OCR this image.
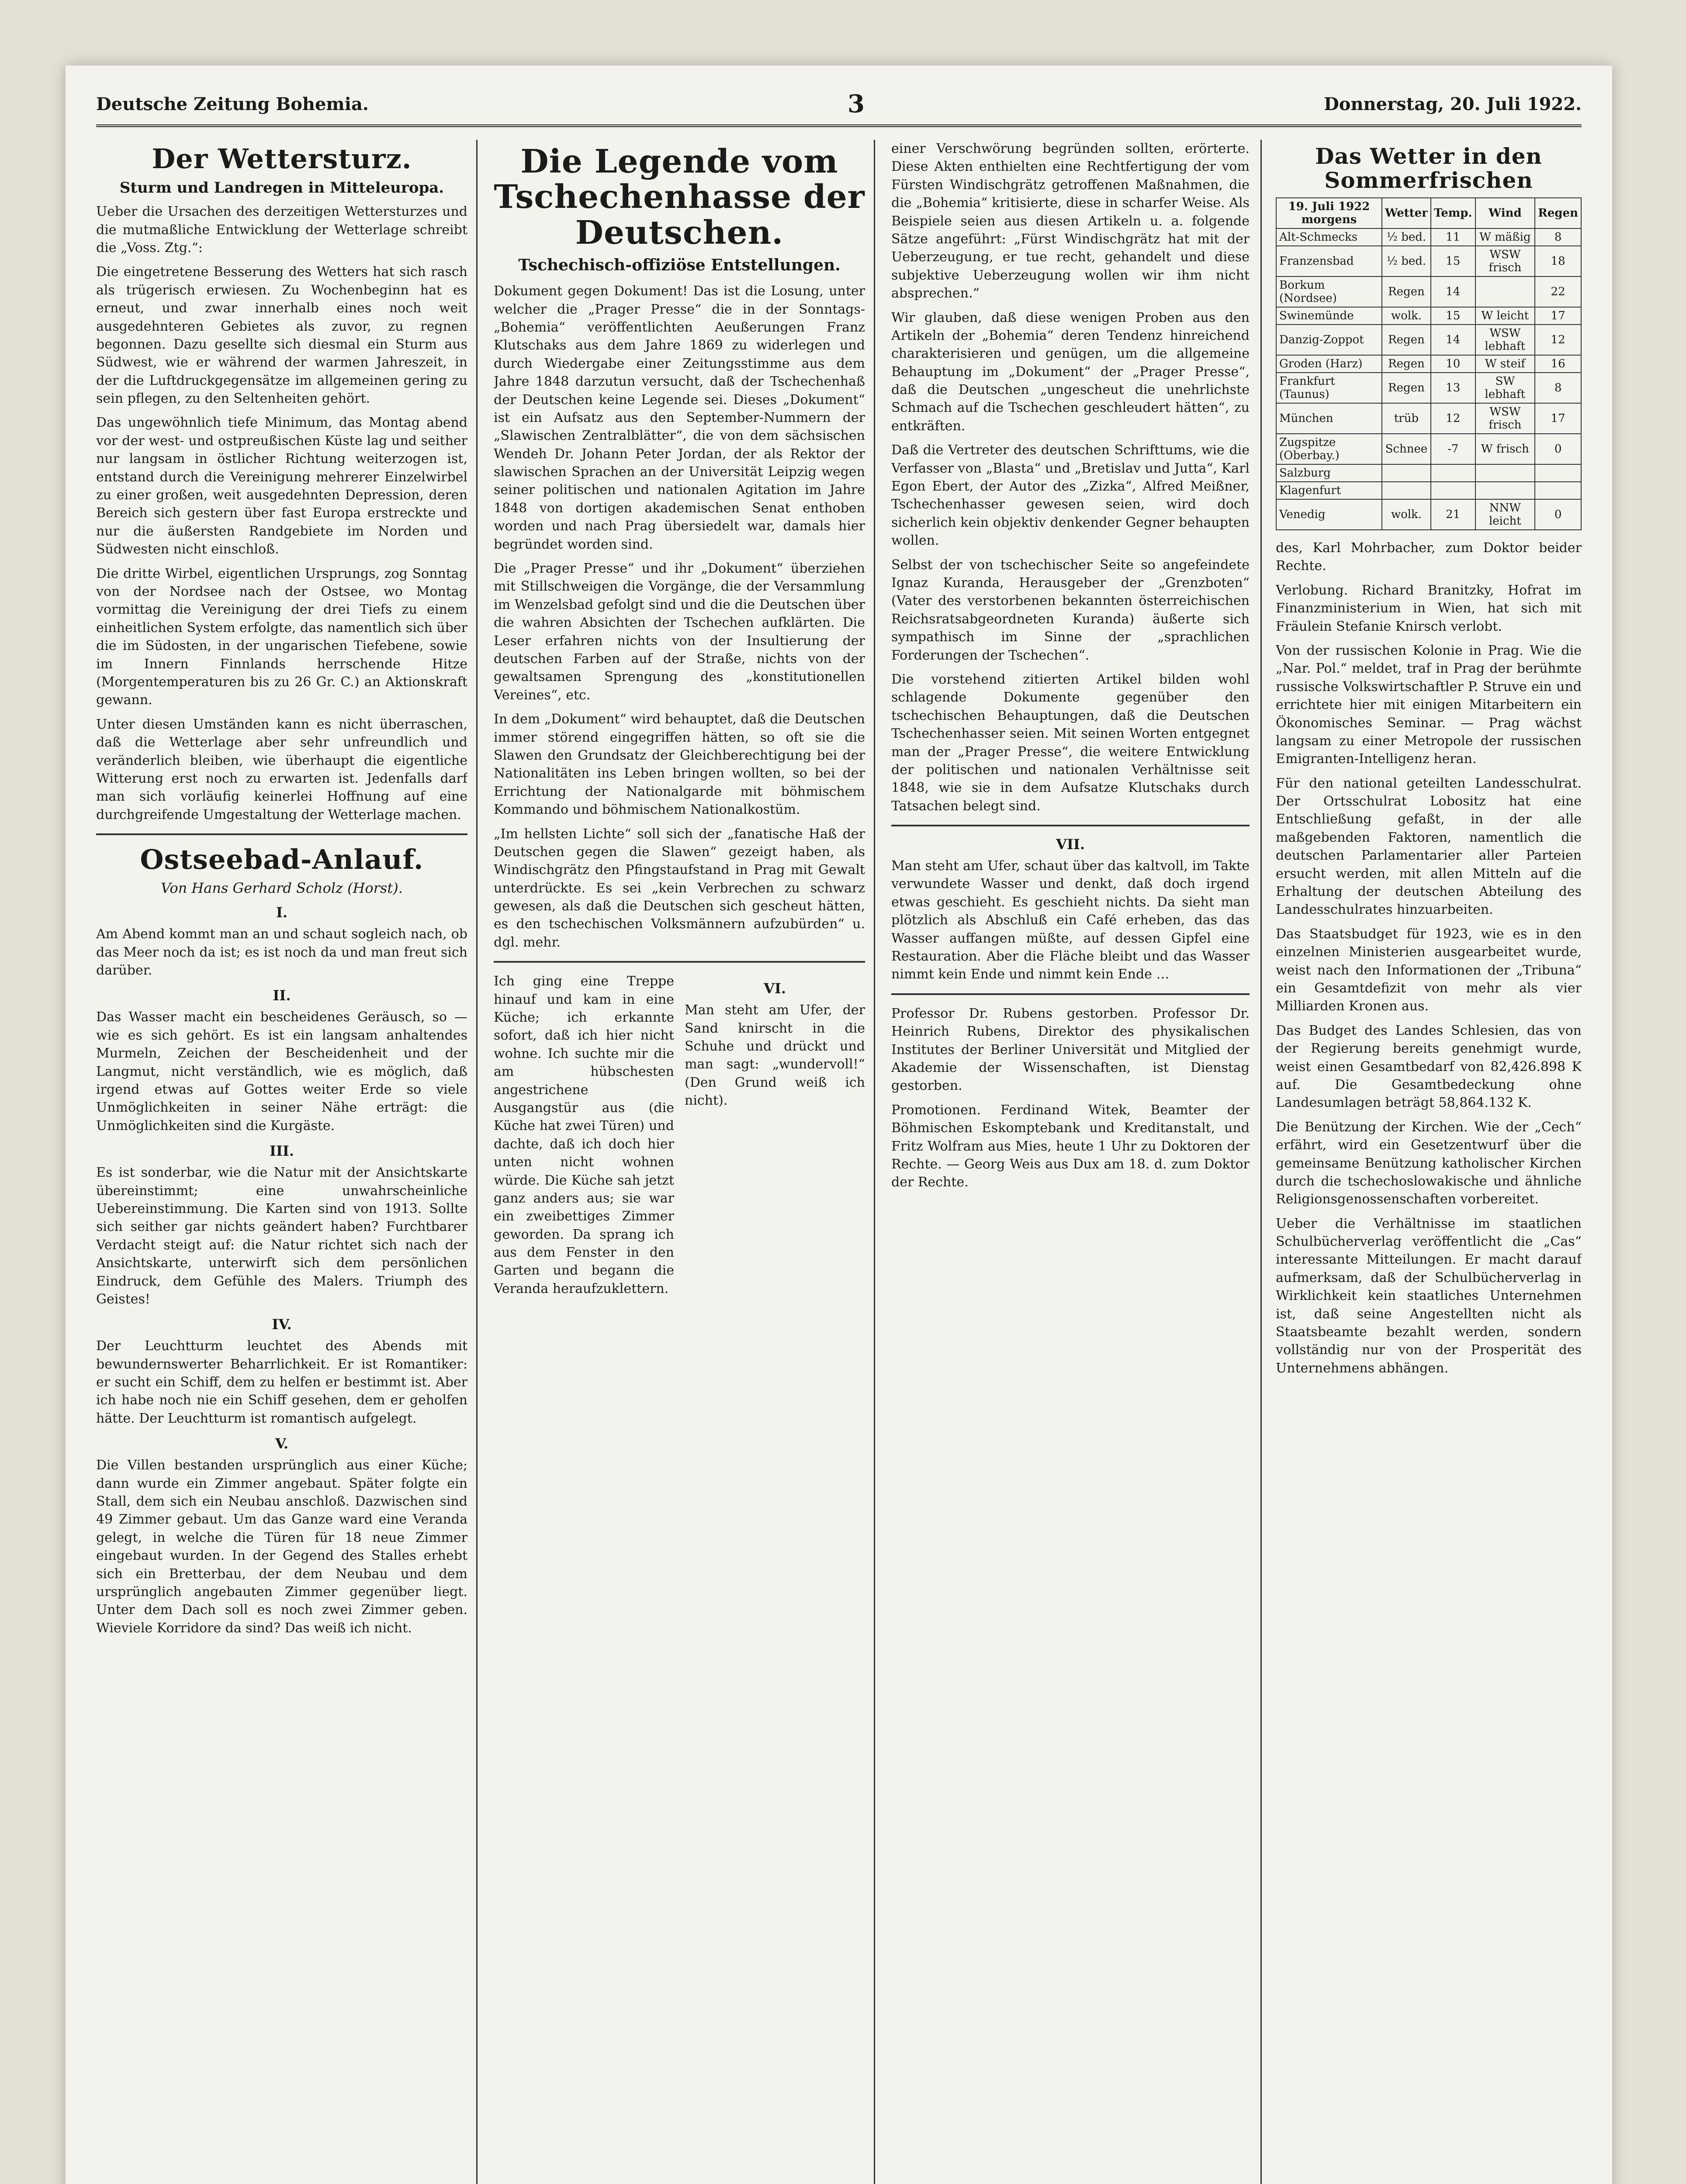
Deutsche Zeitung Bohemia.	3	Donnerstag, 20. Juli 1922.
Der Wettersturz.
Sturm und Landregen in Mitteleuropa.

Ueber die Ursachen des derzeitigen Wettersturzes und die mutmaßliche Entwicklung der Wetterlage schreibt die „Voss. Ztg.“:

Die eingetretene Besserung des Wetters hat sich rasch als trügerisch erwiesen. Zu Wochenbeginn hat es erneut, und zwar innerhalb eines noch weit ausgedehnteren Gebietes als zuvor, zu regnen begonnen. Dazu gesellte sich diesmal ein Sturm aus Südwest, wie er während der warmen Jahreszeit, in der die Luftdruckgegensätze im allgemeinen gering zu sein pflegen, zu den Seltenheiten gehört.

Das ungewöhnlich tiefe Minimum, das Montag abend vor der west- und ostpreußischen Küste lag und seither nur langsam in östlicher Richtung weiterzogen ist, entstand durch die Vereinigung mehrerer Einzelwirbel zu einer großen, weit ausgedehnten Depression, deren Bereich sich gestern über fast Europa erstreckte und nur die äußersten Randgebiete im Norden und Südwesten nicht einschloß.

Die dritte Wirbel, eigentlichen Ursprungs, zog Sonntag von der Nordsee nach der Ostsee, wo Montag vormittag die Vereinigung der drei Tiefs zu einem einheitlichen System erfolgte, das namentlich sich über die im Südosten, in der ungarischen Tiefebene, sowie im Innern Finnlands herrschende Hitze (Morgentemperaturen bis zu 26 Gr. C.) an Aktionskraft gewann.

Unter diesen Umständen kann es nicht überraschen, daß die Wetterlage aber sehr unfreundlich und veränderlich bleiben, wie überhaupt die eigentliche Witterung erst noch zu erwarten ist. Jedenfalls darf man sich vorläufig keinerlei Hoffnung auf eine durchgreifende Umgestaltung der Wetterlage machen.

Ostseebad-Anlauf.
Von Hans Gerhard Scholz (Horst).
I.

Am Abend kommt man an und schaut sogleich nach, ob das Meer noch da ist; es ist noch da und man freut sich darüber.

II.

Das Wasser macht ein bescheidenes Geräusch, so — wie es sich gehört. Es ist ein langsam anhaltendes Murmeln, Zeichen der Bescheidenheit und der Langmut, nicht verständlich, wie es möglich, daß irgend etwas auf Gottes weiter Erde so viele Unmöglichkeiten in seiner Nähe erträgt: die Unmöglichkeiten sind die Kurgäste.

III.

Es ist sonderbar, wie die Natur mit der Ansichtskarte übereinstimmt; eine unwahrscheinliche Uebereinstimmung. Die Karten sind von 1913. Sollte sich seither gar nichts geändert haben? Furchtbarer Verdacht steigt auf: die Natur richtet sich nach der Ansichtskarte, unterwirft sich dem persönlichen Eindruck, dem Gefühle des Malers. Triumph des Geistes!

IV.

Der Leuchtturm leuchtet des Abends mit bewundernswerter Beharrlichkeit. Er ist Romantiker: er sucht ein Schiff, dem zu helfen er bestimmt ist. Aber ich habe noch nie ein Schiff gesehen, dem er geholfen hätte. Der Leuchtturm ist romantisch aufgelegt.

V.

Die Villen bestanden ursprünglich aus einer Küche; dann wurde ein Zimmer angebaut. Später folgte ein Stall, dem sich ein Neubau anschloß. Dazwischen sind 49 Zimmer gebaut. Um das Ganze ward eine Veranda gelegt, in welche die Türen für 18 neue Zimmer eingebaut wurden. In der Gegend des Stalles erhebt sich ein Bretterbau, der dem Neubau und dem ursprünglich angebauten Zimmer gegenüber liegt. Unter dem Dach soll es noch zwei Zimmer geben. Wieviele Korridore da sind? Das weiß ich nicht.

Die Legende vom Tschechenhasse der Deutschen.
Tschechisch-offiziöse Entstellungen.

Dokument gegen Dokument! Das ist die Losung, unter welcher die „Prager Presse“ die in der Sonntags-„Bohemia“ veröffentlichten Aeußerungen Franz Klutschaks aus dem Jahre 1869 zu widerlegen und durch Wiedergabe einer Zeitungsstimme aus dem Jahre 1848 darzutun versucht, daß der Tschechenhaß der Deutschen keine Legende sei. Dieses „Dokument“ ist ein Aufsatz aus den September-Nummern der „Slawischen Zentralblätter“, die von dem sächsischen Wendeh Dr. Johann Peter Jordan, der als Rektor der slawischen Sprachen an der Universität Leipzig wegen seiner politischen und nationalen Agitation im Jahre 1848 von dortigen akademischen Senat enthoben worden und nach Prag übersiedelt war, damals hier begründet worden sind.

Die „Prager Presse“ und ihr „Dokument“ überziehen mit Stillschweigen die Vorgänge, die der Versammlung im Wenzelsbad gefolgt sind und die die Deutschen über die wahren Absichten der Tschechen aufklärten. Die Leser erfahren nichts von der Insultierung der deutschen Farben auf der Straße, nichts von der gewaltsamen Sprengung des „konstitutionellen Vereines“, etc.

In dem „Dokument“ wird behauptet, daß die Deutschen immer störend eingegriffen hätten, so oft sie die Slawen den Grundsatz der Gleichberechtigung bei der Nationalitäten ins Leben bringen wollten, so bei der Errichtung der Nationalgarde mit böhmischem Kommando und böhmischem Nationalkostüm.

„Im hellsten Lichte“ soll sich der „fanatische Haß der Deutschen gegen die Slawen“ gezeigt haben, als Windischgrätz den Pfingstaufstand in Prag mit Gewalt unterdrückte. Es sei „kein Verbrechen zu schwarz gewesen, als daß die Deutschen sich gescheut hätten, es den tschechischen Volksmännern aufzubürden“ u. dgl. mehr.

Ich ging eine Treppe hinauf und kam in eine Küche; ich erkannte sofort, daß ich hier nicht wohne. Ich suchte mir die am hübschesten angestrichene Ausgangstür aus (die Küche hat zwei Türen) und dachte, daß ich doch hier unten nicht wohnen würde. Die Küche sah jetzt ganz anders aus; sie war ein zweibettiges Zimmer geworden. Da sprang ich aus dem Fenster in den Garten und begann die Veranda heraufzuklettern.

VI.

Man steht am Ufer, der Sand knirscht in die Schuhe und drückt und man sagt: „wundervoll!“ (Den Grund weiß ich nicht).

einer Verschwörung begründen sollten, erörterte. Diese Akten enthielten eine Rechtfertigung der vom Fürsten Windischgrätz getroffenen Maßnahmen, die die „Bohemia“ kritisierte, diese in scharfer Weise. Als Beispiele seien aus diesen Artikeln u. a. folgende Sätze angeführt: „Fürst Windischgrätz hat mit der Ueberzeugung, er tue recht, gehandelt und diese subjektive Ueberzeugung wollen wir ihm nicht absprechen.“

Wir glauben, daß diese wenigen Proben aus den Artikeln der „Bohemia“ deren Tendenz hinreichend charakterisieren und genügen, um die allgemeine Behauptung im „Dokument“ der „Prager Presse“, daß die Deutschen „ungescheut die unehrlichste Schmach auf die Tschechen geschleudert hätten“, zu entkräften.

Daß die Vertreter des deutschen Schrifttums, wie die Verfasser von „Blasta“ und „Bretislav und Jutta“, Karl Egon Ebert, der Autor des „Zizka“, Alfred Meißner, Tschechenhasser gewesen seien, wird doch sicherlich kein objektiv denkender Gegner behaupten wollen.

Selbst der von tschechischer Seite so angefeindete Ignaz Kuranda, Herausgeber der „Grenzboten“ (Vater des verstorbenen bekannten österreichischen Reichsratsabgeordneten Kuranda) äußerte sich sympathisch im Sinne der „sprachlichen Forderungen der Tschechen“.

Die vorstehend zitierten Artikel bilden wohl schlagende Dokumente gegenüber den tschechischen Behauptungen, daß die Deutschen Tschechenhasser seien. Mit seinen Worten entgegnet man der „Prager Presse“, die weitere Entwicklung der politischen und nationalen Verhältnisse seit 1848, wie sie in dem Aufsatze Klutschaks durch Tatsachen belegt sind.

VII.

Man steht am Ufer, schaut über das kaltvoll, im Takte verwundete Wasser und denkt, daß doch irgend etwas geschieht. Es geschieht nichts. Da sieht man plötzlich als Abschluß ein Café erheben, das das Wasser auffangen müßte, auf dessen Gipfel eine Restauration. Aber die Fläche bleibt und das Wasser nimmt kein Ende und nimmt kein Ende …

Professor Dr. Rubens gestorben. Professor Dr. Heinrich Rubens, Direktor des physikalischen Institutes der Berliner Universität und Mitglied der Akademie der Wissenschaften, ist Dienstag gestorben.

Promotionen. Ferdinand Witek, Beamter der Böhmischen Eskomptebank und Kreditanstalt, und Fritz Wolfram aus Mies, heute 1 Uhr zu Doktoren der Rechte. — Georg Weis aus Dux am 18. d. zum Doktor der Rechte.

Das Wetter in den Sommerfrischen
19. Juli 1922 morgens	Wetter	Temp.	Wind	Regen
Alt-Schmecks	½ bed.	11	W mäßig	8
Franzensbad	½ bed.	15	WSW frisch	18
Borkum (Nordsee)	Regen	14		22
Swinemünde	wolk.	15	W leicht	17
Danzig-Zoppot	Regen	14	WSW lebhaft	12
Groden (Harz)	Regen	10	W steif	16
Frankfurt (Taunus)	Regen	13	SW lebhaft	8
München	trüb	12	WSW frisch	17
Zugspitze (Oberbay.)	Schnee	-7	W frisch	0
Salzburg				
Klagenfurt				
Venedig	wolk.	21	NNW leicht	0

des, Karl Mohrbacher, zum Doktor beider Rechte.

Verlobung. Richard Branitzky, Hofrat im Finanzministerium in Wien, hat sich mit Fräulein Stefanie Knirsch verlobt.

Von der russischen Kolonie in Prag. Wie die „Nar. Pol.“ meldet, traf in Prag der berühmte russische Volkswirtschaftler P. Struve ein und errichtete hier mit einigen Mitarbeitern ein Ökonomisches Seminar. — Prag wächst langsam zu einer Metropole der russischen Emigranten-Intelligenz heran.

Für den national geteilten Landesschulrat. Der Ortsschulrat Lobositz hat eine Entschließung gefaßt, in der alle maßgebenden Faktoren, namentlich die deutschen Parlamentarier aller Parteien ersucht werden, mit allen Mitteln auf die Erhaltung der deutschen Abteilung des Landesschulrates hinzuarbeiten.

Das Staatsbudget für 1923, wie es in den einzelnen Ministerien ausgearbeitet wurde, weist nach den Informationen der „Tribuna“ ein Gesamtdefizit von mehr als vier Milliarden Kronen aus.

Das Budget des Landes Schlesien, das von der Regierung bereits genehmigt wurde, weist einen Gesamtbedarf von 82,426.898 K auf. Die Gesamtbedeckung ohne Landesumlagen beträgt 58,864.132 K.

Die Benützung der Kirchen. Wie der „Cech“ erfährt, wird ein Gesetzentwurf über die gemeinsame Benützung katholischer Kirchen durch die tschechoslowakische und ähnliche Religionsgenossenschaften vorbereitet.

Ueber die Verhältnisse im staatlichen Schulbücherverlag veröffentlicht die „Cas“ interessante Mitteilungen. Er macht darauf aufmerksam, daß der Schulbücherverlag in Wirklichkeit kein staatliches Unternehmen ist, daß seine Angestellten nicht als Staatsbeamte bezahlt werden, sondern vollständig nur von der Prosperität des Unternehmens abhängen.
